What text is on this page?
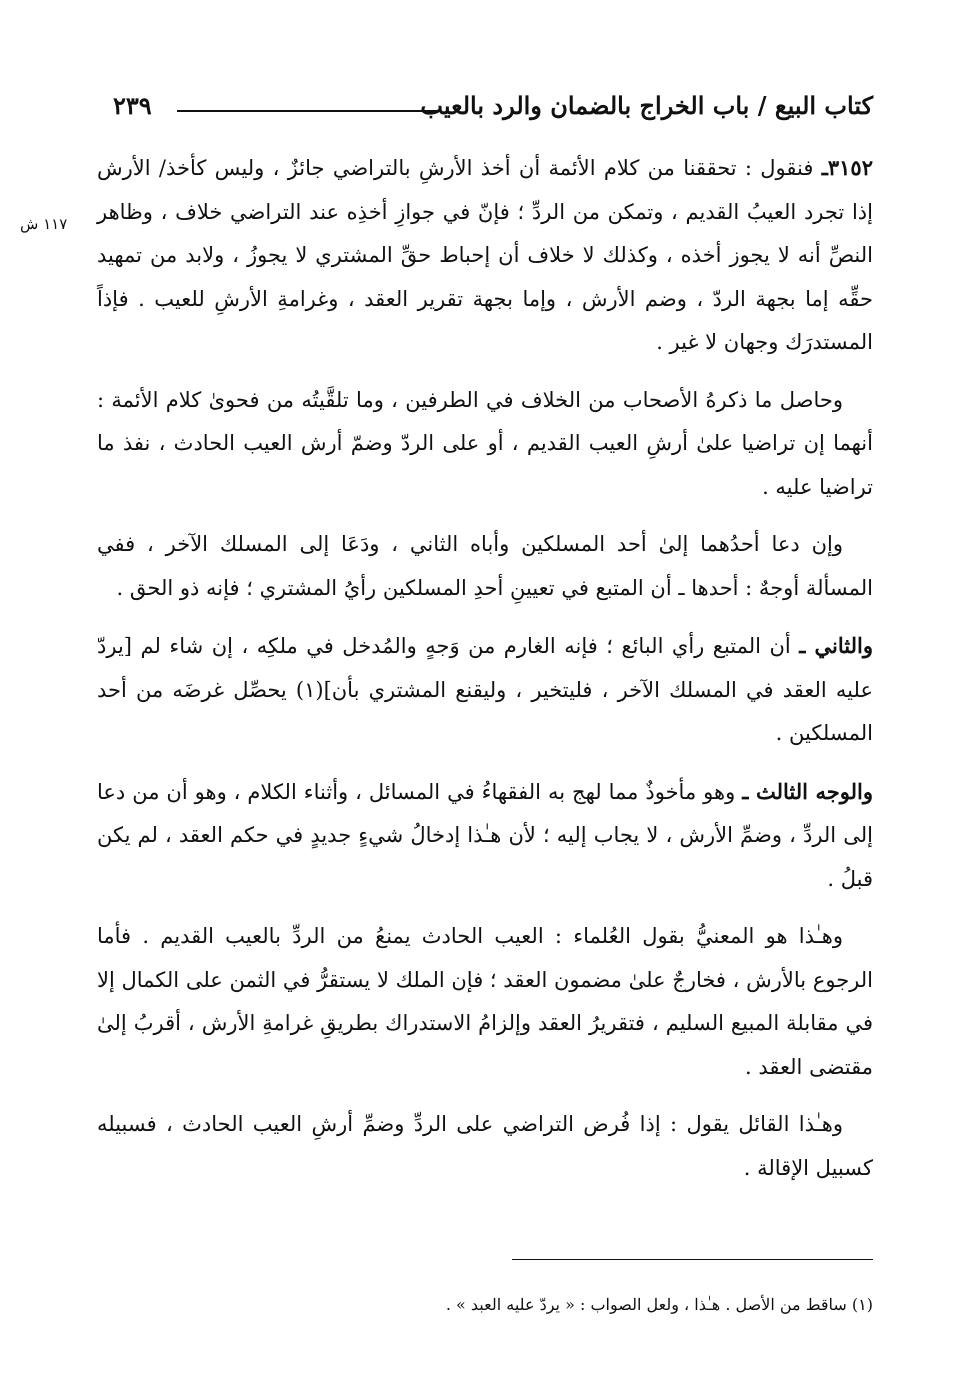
كتاب البيع / باب الخراج بالضمان والرد بالعيب
٢٣٩
١١٧ ش

٣١٥٢ـ فنقول : تحققنا من كلام الأئمة أن أخذ الأرشِ بالتراضي جائزٌ ، وليس كأخذ/ الأرش إذا تجرد العيبُ القديم ، وتمكن من الردِّ ؛ فإنّ في جوازِ أخذِه عند التراضي خلاف ، وظاهر النصِّ أنه لا يجوز أخذه ، وكذلك لا خلاف أن إحباط حقِّ المشتري لا يجوزُ ، ولابد من تمهيد حقِّه إما بجهة الردّ ، وضم الأرش ، وإما بجهة تقرير العقد ، وغرامةِ الأرشِ للعيب . فإذاً المستدرَك وجهان لا غير .

وحاصل ما ذكرهُ الأصحاب من الخلاف في الطرفين ، وما تلقَّيتُه من فحوىٰ كلام الأئمة : أنهما إن تراضيا علىٰ أرشِ العيب القديم ، أو على الردّ وضمّ أرش العيب الحادث ، نفذ ما تراضيا عليه .

وإن دعا أحدُهما إلىٰ أحد المسلكين وأباه الثاني ، ودَعَا إلى المسلك الآخر ، ففي المسألة أوجهٌ : أحدها ـ أن المتبع في تعيينِ أحدِ المسلكين رأيُ المشتري ؛ فإنه ذو الحق .

والثاني ـ أن المتبع رأي البائع ؛ فإنه الغارم من وَجهٍ والمُدخل في ملكِه ، إن شاء لم [يردّ عليه العقد في المسلك الآخر ، فليتخير ، وليقنع المشتري بأن](١) يحصِّل غرضَه من أحد المسلكين .

والوجه الثالث ـ وهو مأخوذٌ مما لهج به الفقهاءُ في المسائل ، وأثناء الكلام ، وهو أن من دعا إلى الردِّ ، وضمِّ الأرش ، لا يجاب إليه ؛ لأن هـٰذا إدخالُ شيءٍ جديدٍ في حكم العقد ، لم يكن قبلُ .

وهـٰذا هو المعنيُّ بقول العُلماء : العيب الحادث يمنعُ من الردِّ بالعيب القديم . فأما الرجوع بالأرش ، فخارجٌ علىٰ مضمون العقد ؛ فإن الملك لا يستقرُّ في الثمن على الكمال إلا في مقابلة المبيع السليم ، فتقريرُ العقد وإلزامُ الاستدراك بطريقِ غرامةِ الأرش ، أقربُ إلىٰ مقتضى العقد .

وهـٰذا القائل يقول : إذا فُرض التراضي على الردِّ وضمِّ أرشِ العيب الحادث ، فسبيله كسبيل الإقالة .

(١) ساقط من الأصل . هـٰذا ، ولعل الصواب : « يردّ عليه العبد » .
